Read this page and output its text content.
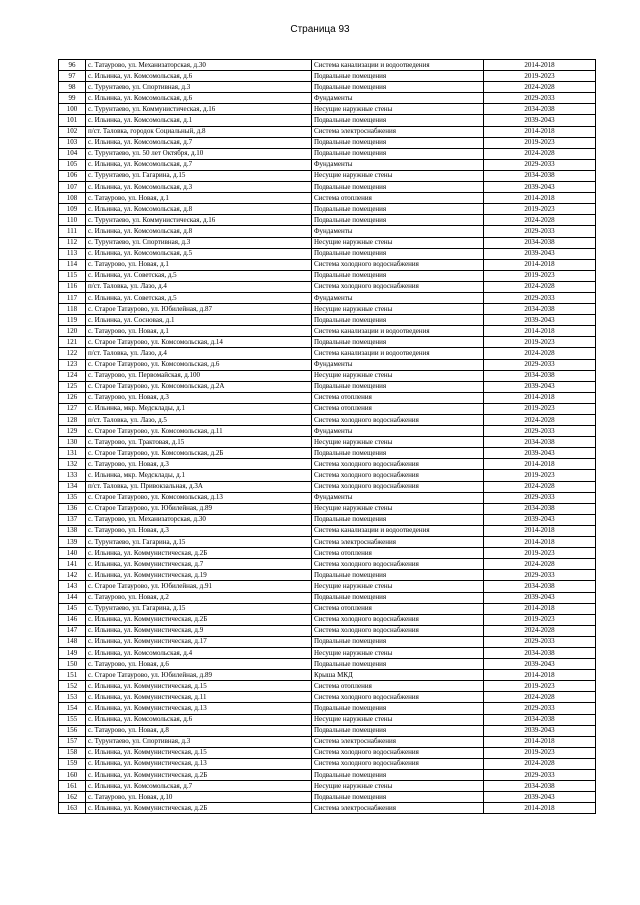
Страница 93
96	с. Татаурово, ул. Механизаторская, д.30	Система канализации и водоотведения	2014-2018
97	с. Ильинка, ул. Комсомольская, д.6	Подвальные помещения	2019-2023
98	с. Турунтаево, ул. Спортивная, д.3	Подвальные помещения	2024-2028
99	с. Ильинка, ул. Комсомольская, д.6	Фундаменты	2029-2033
100	с. Турунтаево, ул. Коммунистическая, д.16	Несущие наружные стены	2034-2038
101	с. Ильинка, ул. Комсомольская, д.1	Подвальные помещения	2039-2043
102	п/ст. Таловка, городок Социальный, д.8	Система электроснабжения	2014-2018
103	с. Ильинка, ул. Комсомольская, д.7	Подвальные помещения	2019-2023
104	с. Турунтаево, ул. 50 лет Октября, д.10	Подвальные помещения	2024-2028
105	с. Ильинка, ул. Комсомольская, д.7	Фундаменты	2029-2033
106	с. Турунтаево, ул. Гагарина, д.15	Несущие наружные стены	2034-2038
107	с. Ильинка, ул. Комсомольская, д.3	Подвальные помещения	2039-2043
108	с. Татаурово, ул. Новая, д.1	Система отопления	2014-2018
109	с. Ильинка, ул. Комсомольская, д.8	Подвальные помещения	2019-2023
110	с. Турунтаево, ул. Коммунистическая, д.16	Подвальные помещения	2024-2028
111	с. Ильинка, ул. Комсомольская, д.8	Фундаменты	2029-2033
112	с. Турунтаево, ул. Спортивная, д.3	Несущие наружные стены	2034-2038
113	с. Ильинка, ул. Комсомольская, д.5	Подвальные помещения	2039-2043
114	с. Татаурово, ул. Новая, д.1	Система холодного водоснабжения	2014-2018
115	с. Ильинка, ул. Советская, д.5	Подвальные помещения	2019-2023
116	п/ст. Таловка, ул. Лазо, д.4	Система холодного водоснабжения	2024-2028
117	с. Ильинка, ул. Советская, д.5	Фундаменты	2029-2033
118	с. Старое Татаурово, ул. Юбилейная, д.87	Несущие наружные стены	2034-2038
119	с. Ильинка, ул. Сосновая, д.1	Подвальные помещения	2039-2043
120	с. Татаурово, ул. Новая, д.1	Система канализации и водоотведения	2014-2018
121	с. Старое Татаурово, ул. Комсомольская, д.14	Подвальные помещения	2019-2023
122	п/ст. Таловка, ул. Лазо, д.4	Система канализации и водоотведения	2024-2028
123	с. Старое Татаурово, ул. Комсомольская, д.6	Фундаменты	2029-2033
124	с. Татаурово, ул. Первомайская, д.100	Несущие наружные стены	2034-2038
125	с. Старое Татаурово, ул. Комсомольская, д.2А	Подвальные помещения	2039-2043
126	с. Татаурово, ул. Новая, д.3	Система отопления	2014-2018
127	с. Ильинка, мкр. Медсклады, д.1	Система отопления	2019-2023
128	п/ст. Таловка, ул. Лазо, д.5	Система холодного водоснабжения	2024-2028
129	с. Старое Татаурово, ул. Комсомольская, д.11	Фундаменты	2029-2033
130	с. Татаурово, ул. Трактовая, д.15	Несущие наружные стены	2034-2038
131	с. Старое Татаурово, ул. Комсомольская, д.2Б	Подвальные помещения	2039-2043
132	с. Татаурово, ул. Новая, д.3	Система холодного водоснабжения	2014-2018
133	с. Ильинка, мкр. Медсклады, д.1	Система холодного водоснабжения	2019-2023
134	п/ст. Таловка, ул. Привокзальная, д.3А	Система холодного водоснабжения	2024-2028
135	с. Старое Татаурово, ул. Комсомольская, д.13	Фундаменты	2029-2033
136	с. Старое Татаурово, ул. Юбилейная, д.89	Несущие наружные стены	2034-2038
137	с. Татаурово, ул. Механизаторская, д.30	Подвальные помещения	2039-2043
138	с. Татаурово, ул. Новая, д.3	Система канализации и водоотведения	2014-2018
139	с. Турунтаево, ул. Гагарина, д.15	Система электроснабжения	2014-2018
140	с. Ильинка, ул. Коммунистическая, д.2Б	Система отопления	2019-2023
141	с. Ильинка, ул. Коммунистическая, д.7	Система холодного водоснабжения	2024-2028
142	с. Ильинка, ул. Коммунистическая, д.19	Подвальные помещения	2029-2033
143	с. Старое Татаурово, ул. Юбилейная, д.91	Несущие наружные стены	2034-2038
144	с. Татаурово, ул. Новая, д.2	Подвальные помещения	2039-2043
145	с. Турунтаево, ул. Гагарина, д.15	Система отопления	2014-2018
146	с. Ильинка, ул. Коммунистическая, д.2Б	Система холодного водоснабжения	2019-2023
147	с. Ильинка, ул. Коммунистическая, д.9	Система холодного водоснабжения	2024-2028
148	с. Ильинка, ул. Коммунистическая, д.17	Подвальные помещения	2029-2033
149	с. Ильинка, ул. Комсомольская, д.4	Несущие наружные стены	2034-2038
150	с. Татаурово, ул. Новая, д.6	Подвальные помещения	2039-2043
151	с. Старое Татаурово, ул. Юбилейная, д.89	Крыша МКД	2014-2018
152	с. Ильинка, ул. Коммунистическая, д.15	Система отопления	2019-2023
153	с. Ильинка, ул. Коммунистическая, д.11	Система холодного водоснабжения	2024-2028
154	с. Ильинка, ул. Коммунистическая, д.13	Подвальные помещения	2029-2033
155	с. Ильинка, ул. Комсомольская, д.6	Несущие наружные стены	2034-2038
156	с. Татаурово, ул. Новая, д.8	Подвальные помещения	2039-2043
157	с. Турунтаево, ул. Спортивная, д.3	Система электроснабжения	2014-2018
158	с. Ильинка, ул. Коммунистическая, д.15	Система холодного водоснабжения	2019-2023
159	с. Ильинка, ул. Коммунистическая, д.13	Система холодного водоснабжения	2024-2028
160	с. Ильинка, ул. Коммунистическая, д.2Б	Подвальные помещения	2029-2033
161	с. Ильинка, ул. Комсомольская, д.7	Несущие наружные стены	2034-2038
162	с. Татаурово, ул. Новая, д.10	Подвальные помещения	2039-2043
163	с. Ильинка, ул. Коммунистическая, д.2Б	Система электроснабжения	2014-2018
